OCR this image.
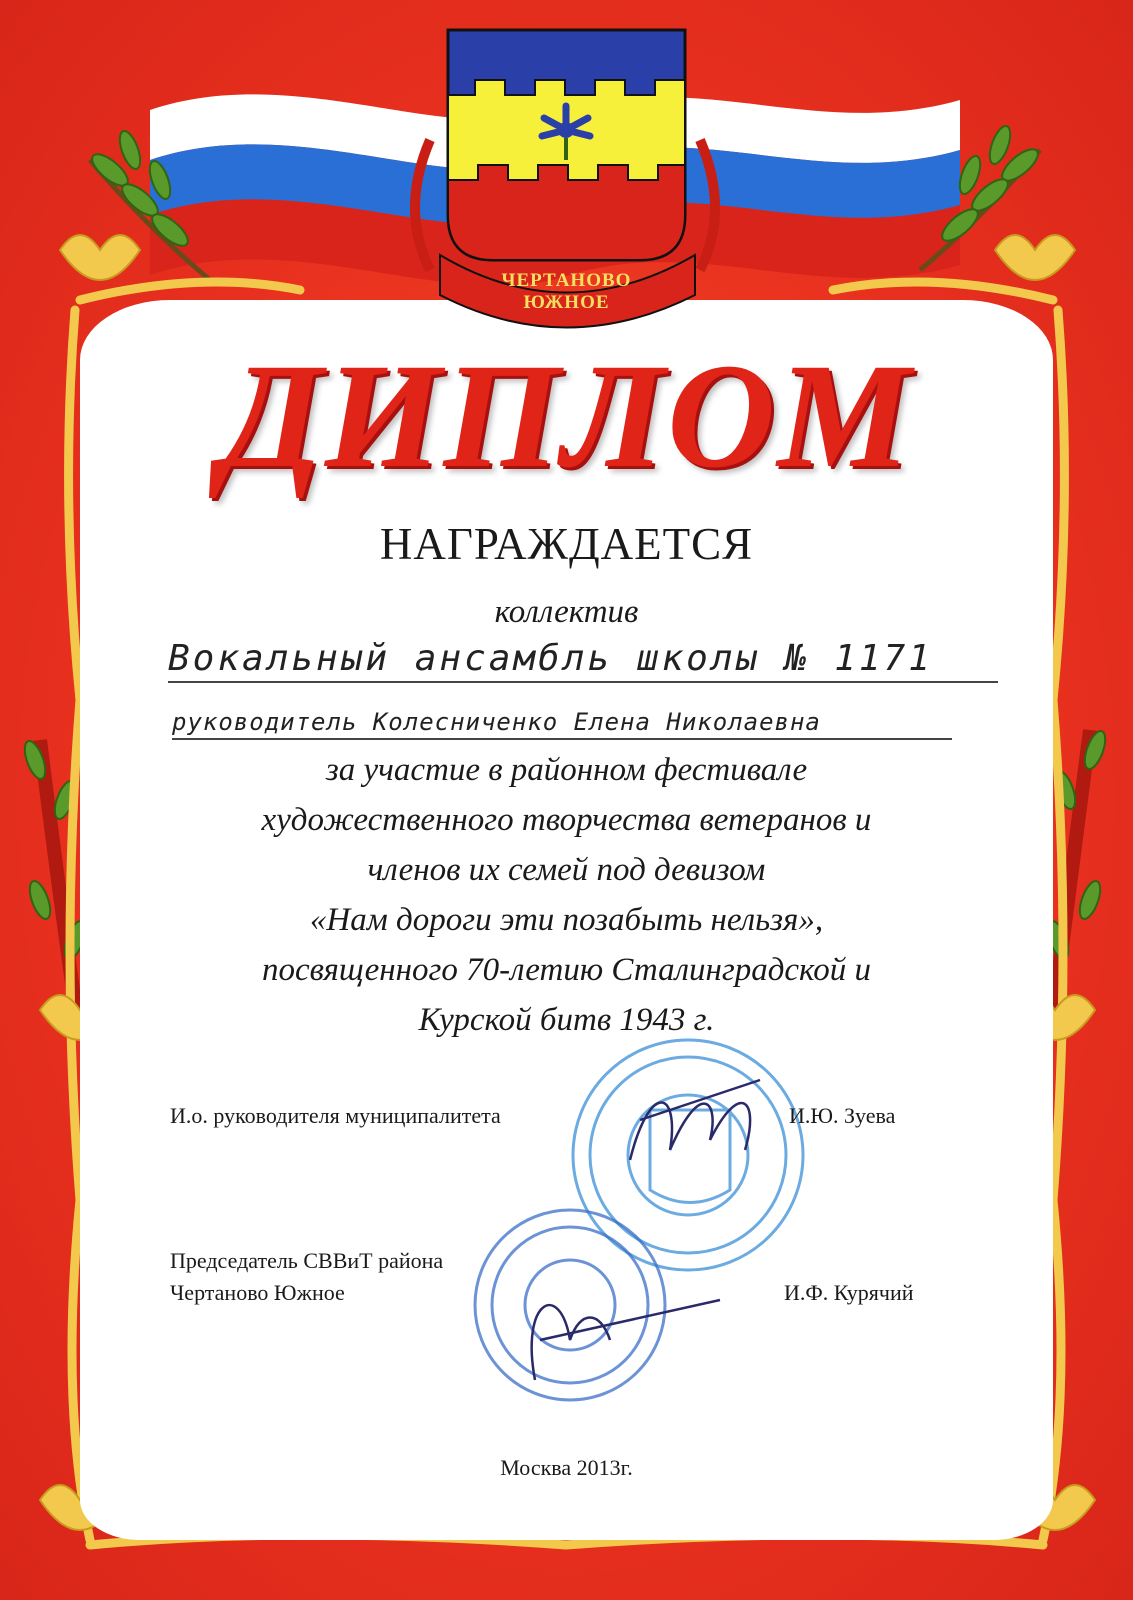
ЧЕРТАНОВО
ЮЖНОЕ
ДИПЛОМ
НАГРАЖДАЕТСЯ
коллектив
Вокальный ансамбль школы № 1171
руководитель Колесниченко Елена Николаевна
за участие в районном фестивале
художественного творчества ветеранов и
членов их семей под девизом
«Нам дороги эти позабыть нельзя»,
посвященного 70-летию Сталинградской и
Курской битв 1943 г.
И.о. руководителя муниципалитета	И.Ю. Зуева
Председатель СВВиТ района
Чертаново Южное	И.Ф. Курячий
Москва 2013г.
